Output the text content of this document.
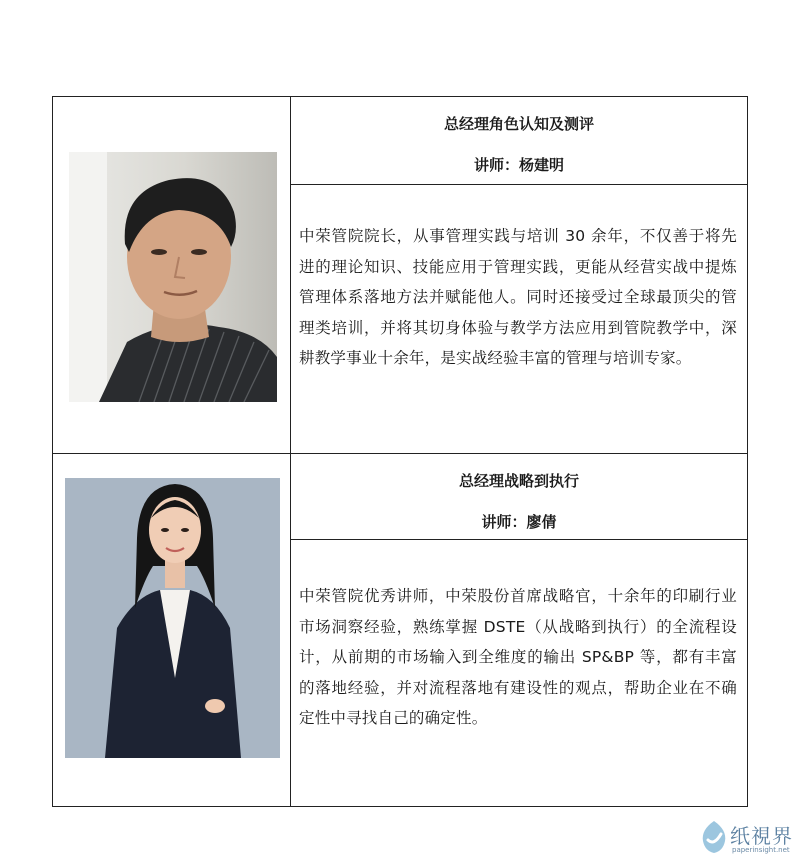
总经理角色认知及测评
讲师：杨建明
中荣管院院长，从事管理实践与培训 30 余年，不仅善于将先进的理论知识、技能应用于管理实践，更能从经营实战中提炼管理体系落地方法并赋能他人。同时还接受过全球最顶尖的管理类培训，并将其切身体验与教学方法应用到管院教学中，深耕教学事业十余年，是实战经验丰富的管理与培训专家。
总经理战略到执行
讲师：廖倩
中荣管院优秀讲师，中荣股份首席战略官，十余年的印刷行业市场洞察经验，熟练掌握 DSTE（从战略到执行）的全流程设计，从前期的市场输入到全维度的输出 SP&BP 等，都有丰富的落地经验，并对流程落地有建设性的观点，帮助企业在不确定性中寻找自己的确定性。
纸視界
paperinsight.net
